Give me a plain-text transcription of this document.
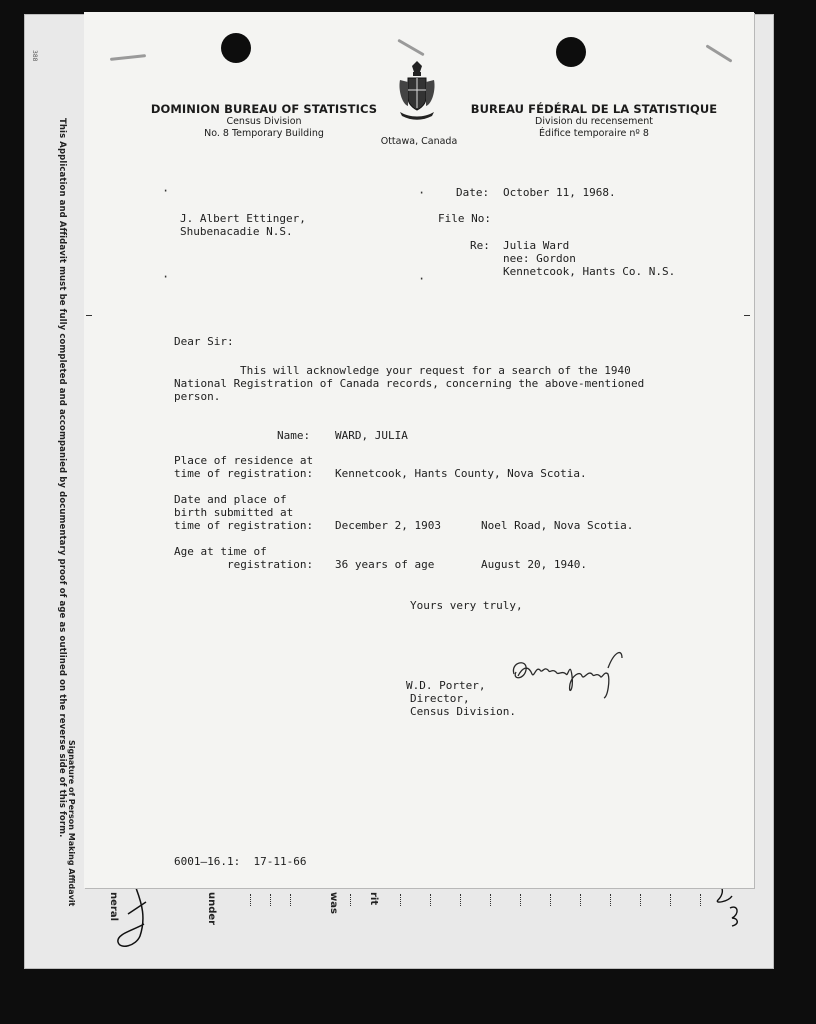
388
This Application and Affidavit must be fully completed and accompanied by documentary proof of age as outlined on the reverse side of this form. Signature of Person Making Affidavit
neral	under	was	rit
DOMINION BUREAU OF STATISTICS
Census Division
No. 8 Temporary Building
Ottawa, Canada
BUREAU FÉDÉRAL DE LA STATISTIQUE
Division du recensement
Édifice temporaire nº 8
·	·
·	·
Date: October 11, 1968.
File No:
Re: Julia Ward
nee: Gordon
Kennetcook, Hants Co. N.S.
J. Albert Ettinger,
Shubenacadie N.S.
Dear Sir:
This will acknowledge your request for a search of the 1940
National Registration of Canada records, concerning the above-mentioned
person.
Name: WARD, JULIA
Place of residence at
time of registration: Kennetcook, Hants County, Nova Scotia.
Date and place of
birth submitted at
time of registration: December 2, 1903	Noel Road, Nova Scotia.
Age at time of
registration: 36 years of age	August 20, 1940.
Yours very truly,
W.D. Porter,
Director,
Census Division.
6001—16.1:  17-11-66
